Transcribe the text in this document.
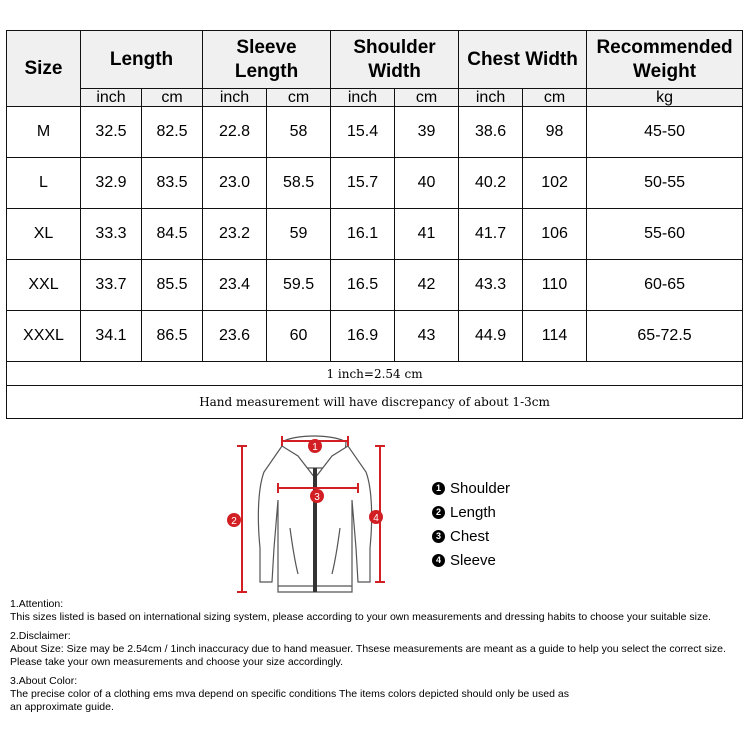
Size	Length		Sleeve Length		Shoulder Width		Chest Width		Recommended Weight
	inch	cm	inch	cm	inch	cm	inch	cm	kg
M	32.5	82.5	22.8	58	15.4	39	38.6	98	45-50
L	32.9	83.5	23.0	58.5	15.7	40	40.2	102	50-55
XL	33.3	84.5	23.2	59	16.1	41	41.7	106	55-60
XXL	33.7	85.5	23.4	59.5	16.5	42	43.3	110	60-65
XXXL	34.1	86.5	23.6	60	16.9	43	44.9	114	65-72.5
1 inch=2.54 cm									
Hand measurement will have discrepancy of about 1-3cm									
1
2
3
4
1 Shoulder
2 Length
3 Chest
4 Sleeve

1.Attention:

This sizes listed is based on international sizing system, please according to your own measurements and dressing habits to choose your suitable size.

2.Disclaimer:

About Size: Size may be 2.54cm / 1inch inaccuracy due to hand measuer. Thsese measurements are meant as a guide to help you select the correct size.

Please take your own measurements and choose your size accordingly.

3.About Color:

The precise color of a clothing ems mva depend on specific conditions The items colors depicted should only be used as

an approximate guide.
